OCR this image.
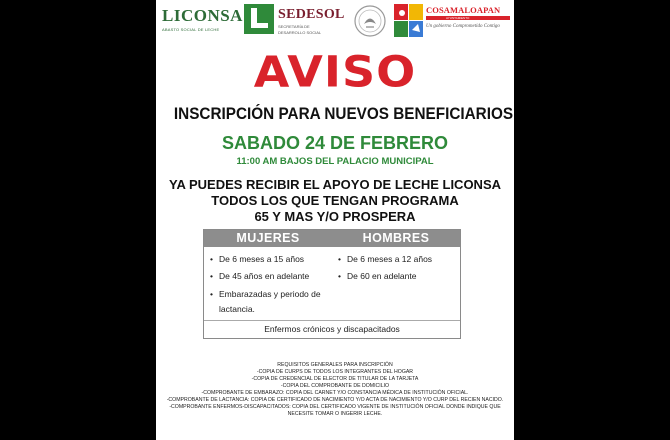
LICONSA
ABASTO SOCIAL DE LECHE
SEDESOL
SECRETARÍA DE
DESARROLLO SOCIAL
COSAMALOAPAN
AYUNTAMIENTO
Un gobierno Comprometido Contigo
AVISO
INSCRIPCIÓN PARA NUEVOS BENEFICIARIOS
SABADO 24 DE FEBRERO
11:00 AM BAJOS DEL PALACIO MUNICIPAL
YA PUEDES RECIBIR EL APOYO DE LECHE LICONSA
TODOS LOS QUE TENGAN PROGRAMA
65 Y MAS Y/O PROSPERA
MUJERES	HOMBRES
• De 6 meses a 15 años
• De 45 años en adelante
• Embarazadas y periodo de lactancia.
• De 6 meses a 12 años
• De 60 en adelante
Enfermos crónicos y discapacitados
REQUISITOS GENERALES PARA INSCRIPCIÓN
-COPIA DE CURPS DE TODOS LOS INTEGRANTES DEL HOGAR
-COPIA DE CREDENCIAL DE ELECTOR DE TITULAR DE LA TARJETA
-COPIA DEL COMPROBANTE DE DOMICILIO
-COMPROBANTE DE EMBARAZO: COPIA DEL CARNET Y/O CONSTANCIA MÉDICA DE INSTITUCIÓN OFICIAL.
-COMPROBANTE DE LACTANCIA: COPIA DE CERTIFICADO DE NACIMIENTO Y/O ACTA DE NACIMIENTO Y/O CURP DEL RECIEN NACIDO.
-COMPROBANTE ENFERMOS-DISCAPACITADOS: COPIA DEL CERTIFICADO VIGENTE DE INSTITUCIÓN OFICIAL DONDE INDIQUE QUE
NECESITE TOMAR O INGERIR LECHE.
